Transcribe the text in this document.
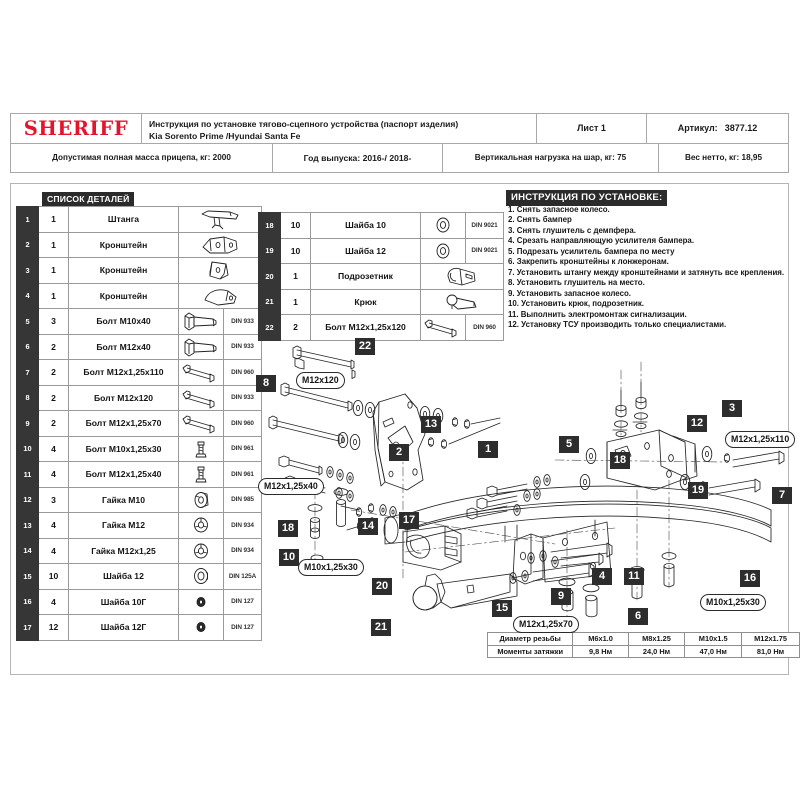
SHERIFF Инструкция по установке тягово-сцепного устройства (паспорт изделия)
Kia Sorento Prime /Hyundai Santa Fe
Лист 1	Артикул: 3877.12
Допустимая полная масса прицепа, кг: 2000	Год выпуска: 2016-/ 2018-	Вертикальная нагрузка на шар, кг: 75	Вес нетто, кг: 18,95
СПИСОК ДЕТАЛЕЙ	ИНСТРУКЦИЯ ПО УСТАНОВКЕ:
1	1	Штанга	

2	1	Кронштейн	

3	1	Кронштейн	

4	1	Кронштейн	

5	3	Болт M10x40		DIN 933
6	2	Болт M12x40		DIN 933
7	2	Болт M12x1,25x110		DIN 960
8	2	Болт M12x120		DIN 933
9	2	Болт M12x1,25x70		DIN 960
10	4	Болт M10x1,25x30		DIN 961
11	4	Болт M12x1,25x40		DIN 961
12	3	Гайка M10		DIN 985
13	4	Гайка M12		DIN 934
14	4	Гайка M12x1,25		DIN 934
15	10	Шайба 12		DIN 125A
16	4	Шайба 10Г		DIN 127
17	12	Шайба 12Г		DIN 127
18	10	Шайба 10		DIN 9021
19	10	Шайба 12		DIN 9021
20	1	Подрозетник	

21	1	Крюк	

22	2	Болт M12x1,25x120		DIN 960
1. Снять запасное колесо.
2. Снять бампер
3. Снять глушитель с демпфера.
4. Срезать направляющую усилителя бампера.
5. Подрезать усилитель бампера по месту
6. Закрепить кронштейны к лонжеронам.
7. Установить штангу между кронштейнами и затянуть все крепления.
8. Установить глушитель на место.
9. Установить запасное колесо.
10. Установить крюк, подрозетник.
11. Выполнить электромонтаж сигнализации.
12. Установку ТСУ производить только специалистами.
Диаметр резьбы	M6x1.0	M8x1.25	M10x1.5	M12x1.75
Моменты затяжки	9,8 Нм	24,0 Нм	47,0 Нм	81,0 Нм
22
8
13
1
2
18
10
14	17
20
21
15
9
5
18
12
3
19	7
4	11
6
16
M12x120
M12x1,25x40
M10x1,25x30
M12x1,25x70
M12x1,25x110
M10x1,25x30
